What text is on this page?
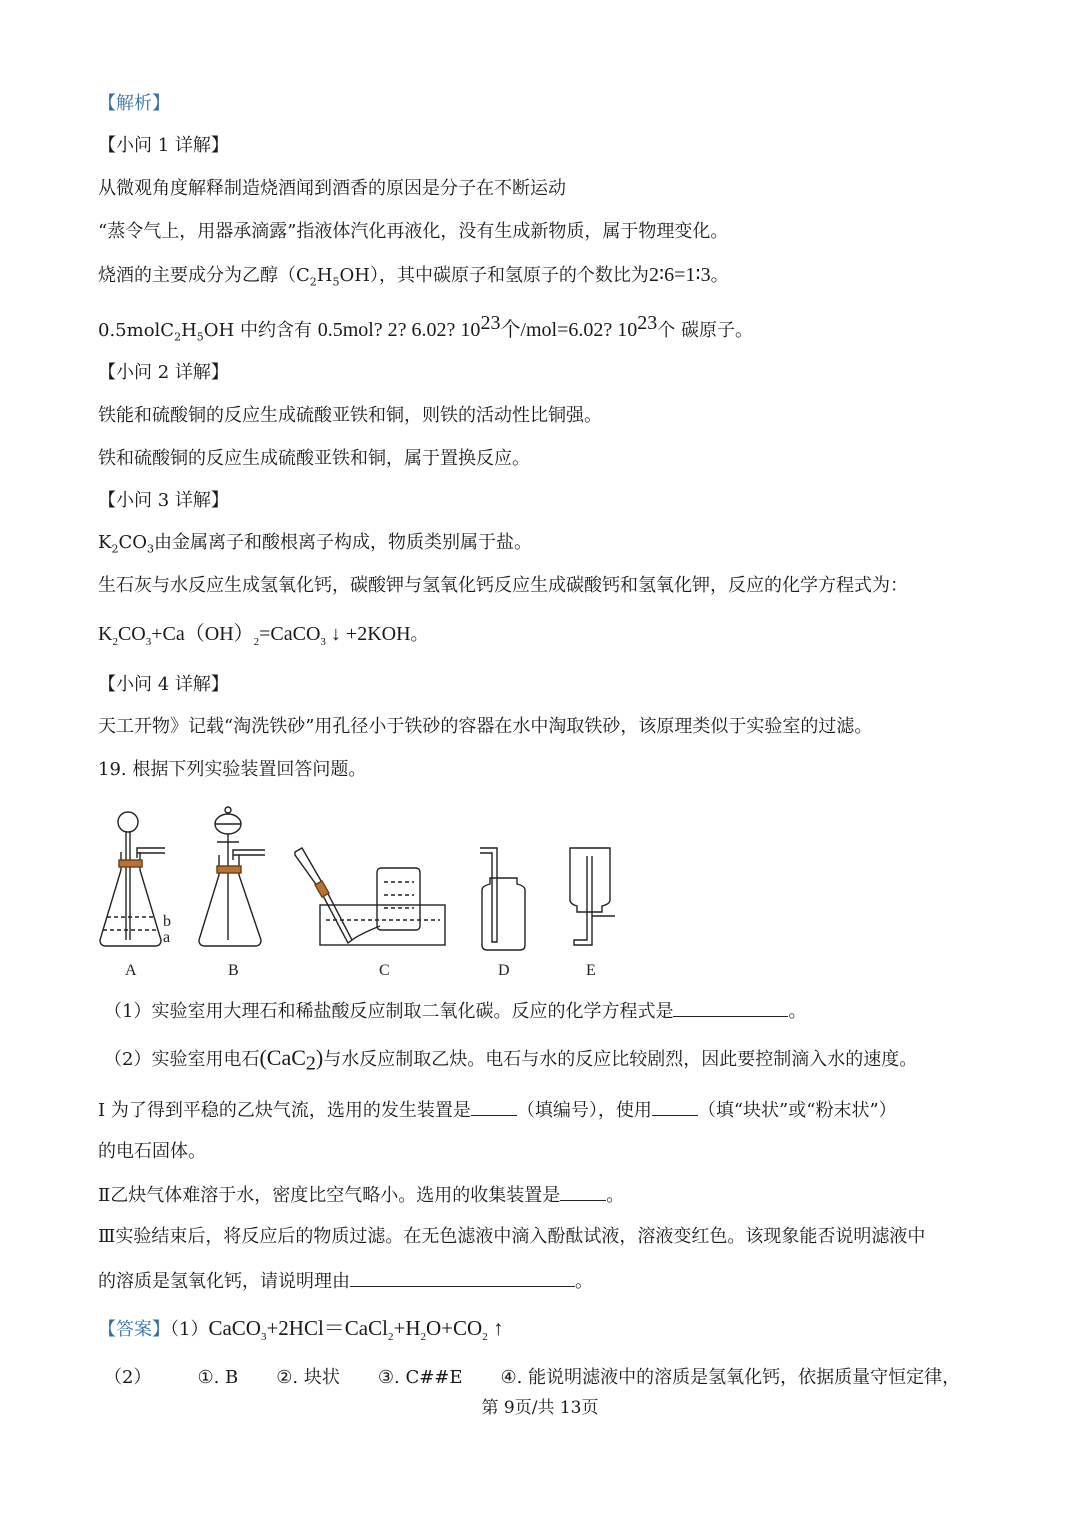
【解析】
【小问 1 详解】
从微观角度解释制造烧酒闻到酒香的原因是分子在不断运动
“蒸令气上，用器承滴露”指液体汽化再液化，没有生成新物质，属于物理变化。
烧酒的主要成分为乙醇$(C_2H_5OH)$，其中碳原子和氢原子的个数比为2∶6=1∶3。
$0.5molC_2H_5OH$ 中约含有 0.5mol? 2? 6.02? $10^{23}$个/mol=6.02? $10^{23}$个 碳原子。
【小问 2 详解】
铁能和硫酸铜的反应生成硫酸亚铁和铜，则铁的活动性比铜强。
铁和硫酸铜的反应生成硫酸亚铁和铜，属于置换反应。
【小问 3 详解】
$K_2CO_3$由金属离子和酸根离子构成，物质类别属于盐。
生石灰与水反应生成氢氧化钙，碳酸钾与氢氧化钙反应生成碳酸钙和氢氧化钾，反应的化学方程式为：
$K_2CO_3+Ca(OH)_2=CaCO_3$ ↓ +2KOH。
【小问 4 详解】
天工开物》记载“淘洗铁砂”用孔径小于铁砂的容器在水中淘取铁砂，该原理类似于实验室的过滤。
19. 根据下列实验装置回答问题。
b
a
A	B	C	D	E
（1）实验室用大理石和稀盐酸反应制取二氧化碳。反应的化学方程式是	。
（2）实验室用电石(CaC$_2$)与水反应制取乙炔。电石与水的反应比较剧烈，因此要控制滴入水的速度。
I 为了得到平稳的乙炔气流，选用的发生装置是	（填编号），使用	（填“块状”或“粉末状”）
的电石固体。
Ⅱ乙炔气体难溶于水，密度比空气略小。选用的收集装置是	。
Ⅲ实验结束后，将反应后的物质过滤。在无色滤液中滴入酚酞试液，溶液变红色。该现象能否说明滤液中
的溶质是氢氧化钙，请说明理由	。
【答案】$(1)CaCO_3+2HCl=CaCl_2+H_2O+CO_2$ ↑
（2）	①. B ②. 块状 ③. C##E ④. 能说明滤液中的溶质是氢氧化钙，依据质量守恒定律，
第 9页/共 13页
